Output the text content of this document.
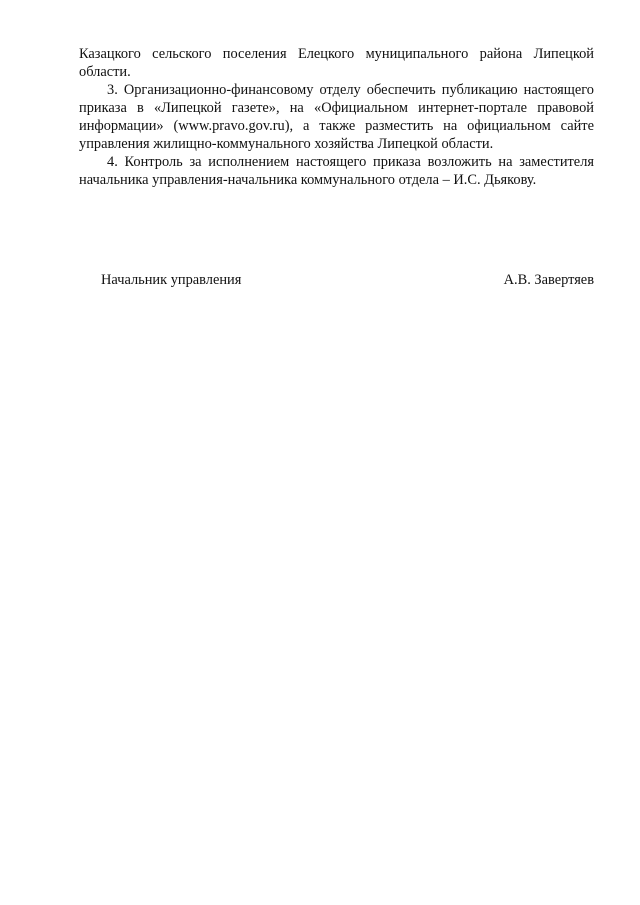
Казацкого сельского поселения Елецкого муниципального района Липецкой области.

3. Организационно-финансовому отделу обеспечить публикацию настоящего приказа в «Липецкой газете», на «Официальном интернет-портале правовой информации» (www.pravo.gov.ru), а также разместить на официальном сайте управления жилищно-коммунального хозяйства Липецкой области.

4. Контроль за исполнением настоящего приказа возложить на заместителя начальника управления-начальника коммунального отдела – И.С. Дьякову.

Начальник управления	А.В. Завертяев
